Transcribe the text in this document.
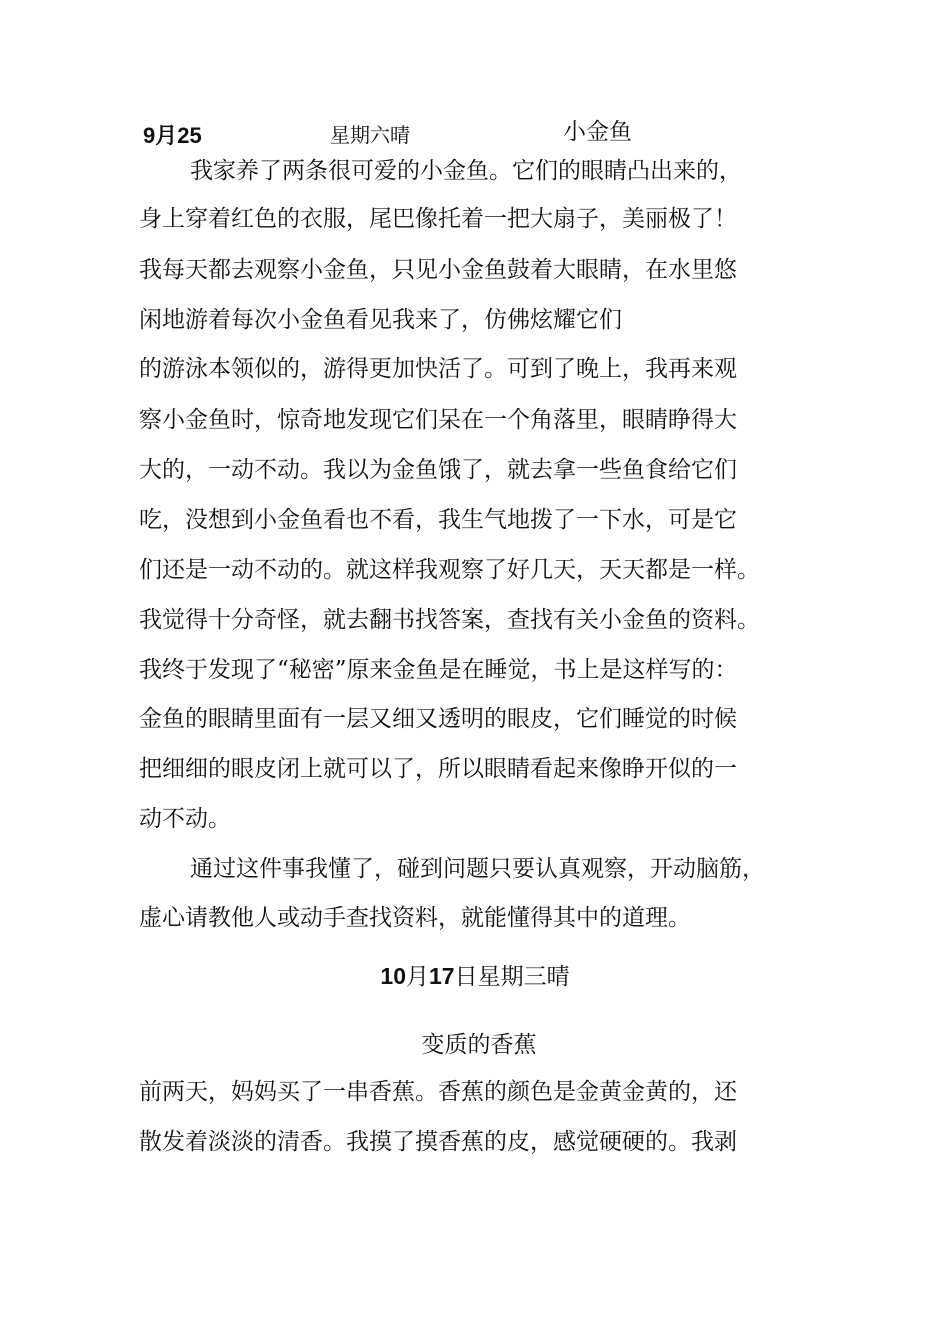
9月25	星期六晴	小金鱼
我家养了两条很可爱的小金鱼。它们的眼睛凸出来的，
身上穿着红色的衣服，尾巴像托着一把大扇子，美丽极了！
我每天都去观察小金鱼，只见小金鱼鼓着大眼睛，在水里悠
闲地游着每次小金鱼看见我来了，仿佛炫耀它们
的游泳本领似的，游得更加快活了。可到了晚上，我再来观
察小金鱼时，惊奇地发现它们呆在一个角落里，眼睛睁得大
大的，一动不动。我以为金鱼饿了，就去拿一些鱼食给它们
吃，没想到小金鱼看也不看，我生气地拨了一下水，可是它
们还是一动不动的。就这样我观察了好几天，天天都是一样。
我觉得十分奇怪，就去翻书找答案，查找有关小金鱼的资料。
我终于发现了“秘密”原来金鱼是在睡觉，书上是这样写的：
金鱼的眼睛里面有一层又细又透明的眼皮，它们睡觉的时候
把细细的眼皮闭上就可以了，所以眼睛看起来像睁开似的一
动不动。
通过这件事我懂了，碰到问题只要认真观察，开动脑筋，
虚心请教他人或动手查找资料，就能懂得其中的道理。
10月17日星期三晴
变质的香蕉
前两天，妈妈买了一串香蕉。香蕉的颜色是金黄金黄的，还
散发着淡淡的清香。我摸了摸香蕉的皮，感觉硬硬的。我剥
